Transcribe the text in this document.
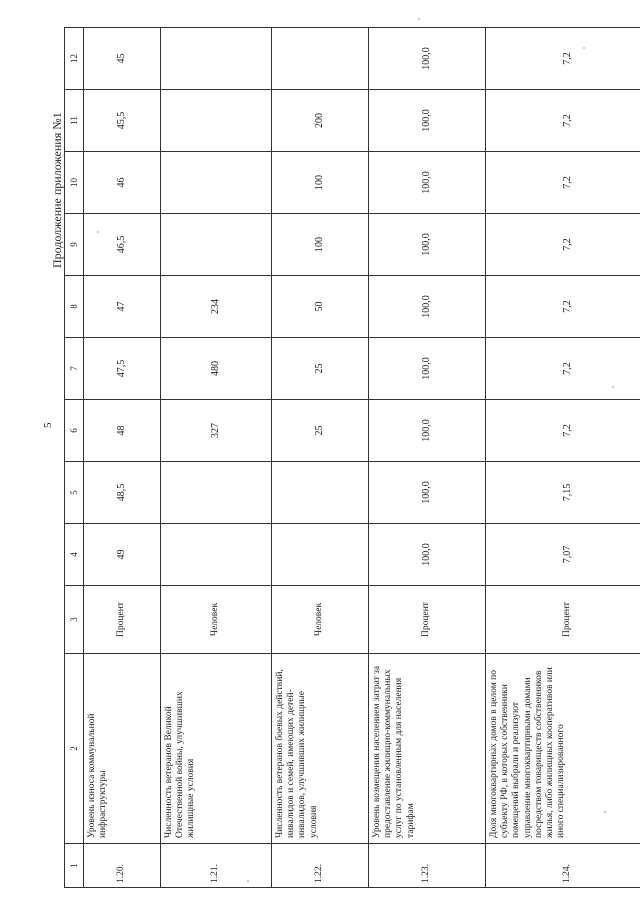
5
Продолжение приложения №1
1	2	3	4	5	6	7	8	9	10	11	12
1.20.	Уровень износа коммунальной инфраструктуры	Процент	49	48,5	48	47,5	47	46,5	46	45,5	45
1.21.	Численность ветеранов Великой Отечественной войны, улучшивших жилищные условия	Человек			327	480	234				
1.22.	Численность ветеранов боевых действий, инвалидов и семей, имеющих детей-инвалидов, улучшивших жилищные условия	Человек			25	25	50	100	100	200	
1.23.	Уровень возмещения населением затрат за предоставление жилищно-коммунальных услуг по установленным для населения тарифам	Процент	100,0	100,0	100,0	100,0	100,0	100,0	100,0	100,0	100,0
1.24.	Доля многоквартирных домов в целом по субъекту РФ, в которых собственники помещений выбрали и реализуют управление многоквартирными домами посредством товариществ собственников жилья, либо жилищных кооперативов или иного специализированного	Процент	7,07	7,15	7,2	7,2	7,2	7,2	7,2	7,2	7,2
